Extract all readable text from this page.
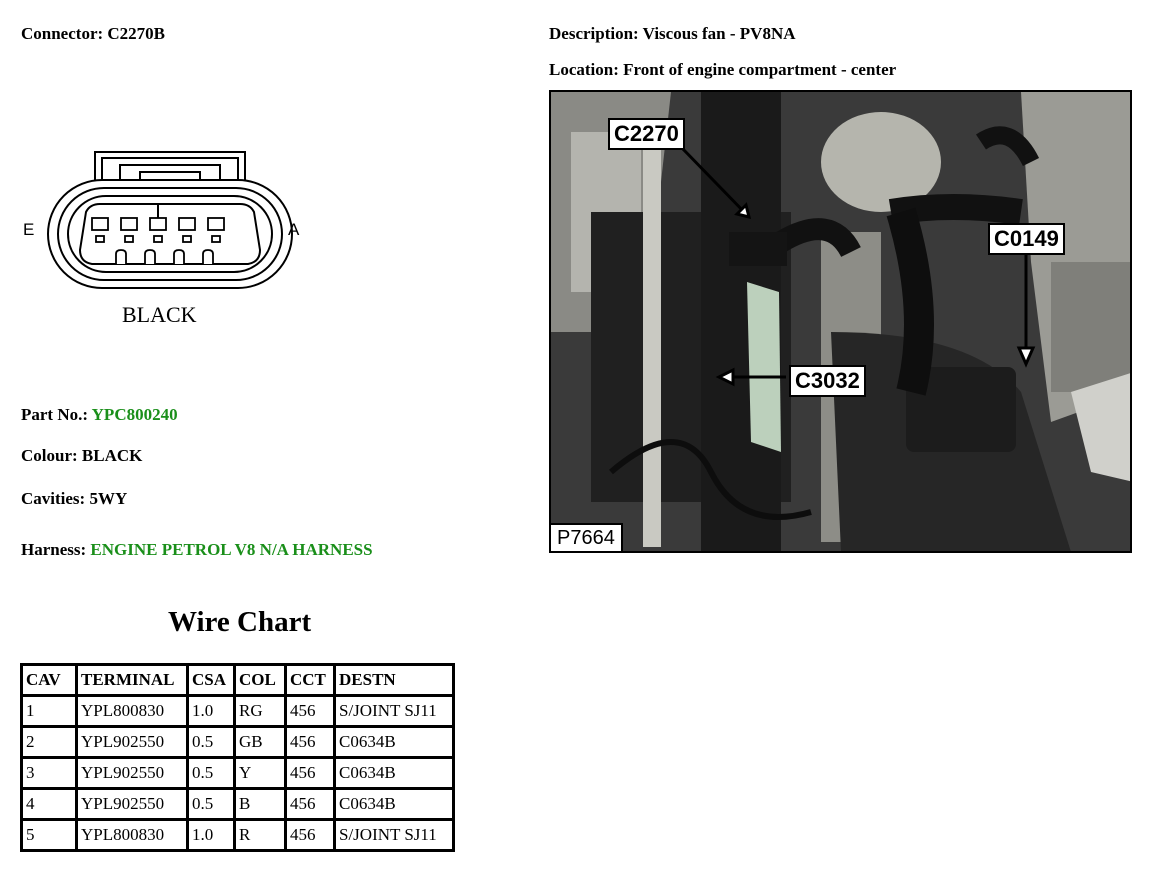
Connector: C2270B	Description: Viscous fan - PV8NA
Location: Front of engine compartment - center
E	A
BLACK
Part No.: YPC800240
Colour: BLACK
Cavities: 5WY
Harness: ENGINE PETROL V8 N/A HARNESS
Wire Chart
CAV	TERMINAL	CSA	COL	CCT	DESTN
1	YPL800830	1.0	RG	456	S/JOINT SJ11
2	YPL902550	0.5	GB	456	C0634B
3	YPL902550	0.5	Y	456	C0634B
4	YPL902550	0.5	B	456	C0634B
5	YPL800830	1.0	R	456	S/JOINT SJ11
C2270
C0149
C3032
P7664
